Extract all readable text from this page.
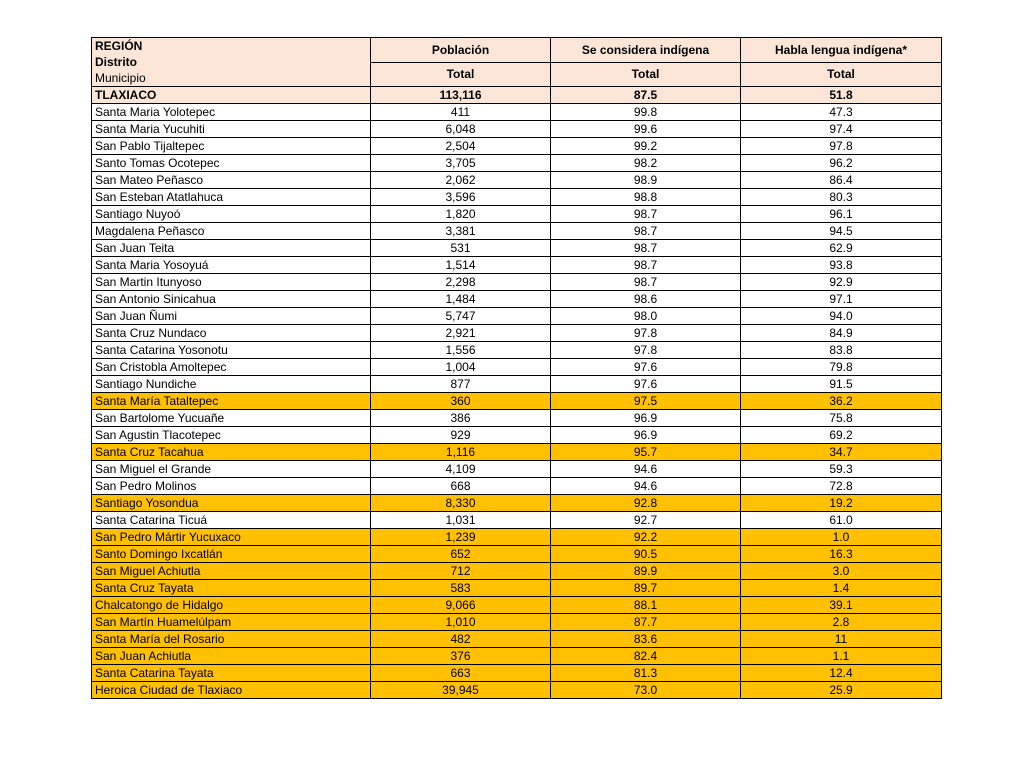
REGIÓN
Distrito
Municipio	Población	Se considera indígena	Habla lengua indígena*
	Total	Total	Total
TLAXIACO	113,116	87.5	51.8
Santa Maria Yolotepec	411	99.8	47.3
Santa Maria Yucuhiti	6,048	99.6	97.4
San Pablo Tijaltepec	2,504	99.2	97.8
Santo Tomas Ocotepec	3,705	98.2	96.2
San Mateo Peñasco	2,062	98.9	86.4
San Esteban Atatlahuca	3,596	98.8	80.3
Santiago Nuyoó	1,820	98.7	96.1
Magdalena Peñasco	3,381	98.7	94.5
San Juan Teita	531	98.7	62.9
Santa Maria Yosoyuá	1,514	98.7	93.8
San Martin Itunyoso	2,298	98.7	92.9
San Antonio Sinicahua	1,484	98.6	97.1
San Juan Ñumi	5,747	98.0	94.0
Santa Cruz Nundaco	2,921	97.8	84.9
Santa Catarina Yosonotu	1,556	97.8	83.8
San Cristobla Amoltepec	1,004	97.6	79.8
Santiago Nundiche	877	97.6	91.5
Santa María Tataltepec	360	97.5	36.2
San Bartolome Yucuañe	386	96.9	75.8
San Agustin Tlacotepec	929	96.9	69.2
Santa Cruz Tacahua	1,116	95.7	34.7
San Miguel el Grande	4,109	94.6	59.3
San Pedro Molinos	668	94.6	72.8
Santiago Yosondua	8,330	92.8	19.2
Santa Catarina Ticuá	1,031	92.7	61.0
San Pedro Mártir Yucuxaco	1,239	92.2	1.0
Santo Domingo Ixcatlán	652	90.5	16.3
San Miguel Achiutla	712	89.9	3.0
Santa Cruz Tayata	583	89.7	1.4
Chalcatongo de Hidalgo	9,066	88.1	39.1
San Martín Huamelúlpam	1,010	87.7	2.8
Santa María del Rosario	482	83.6	11
San Juan Achiutla	376	82.4	1.1
Santa Catarina Tayata	663	81.3	12.4
Heroica Ciudad de Tlaxiaco	39,945	73.0	25.9
